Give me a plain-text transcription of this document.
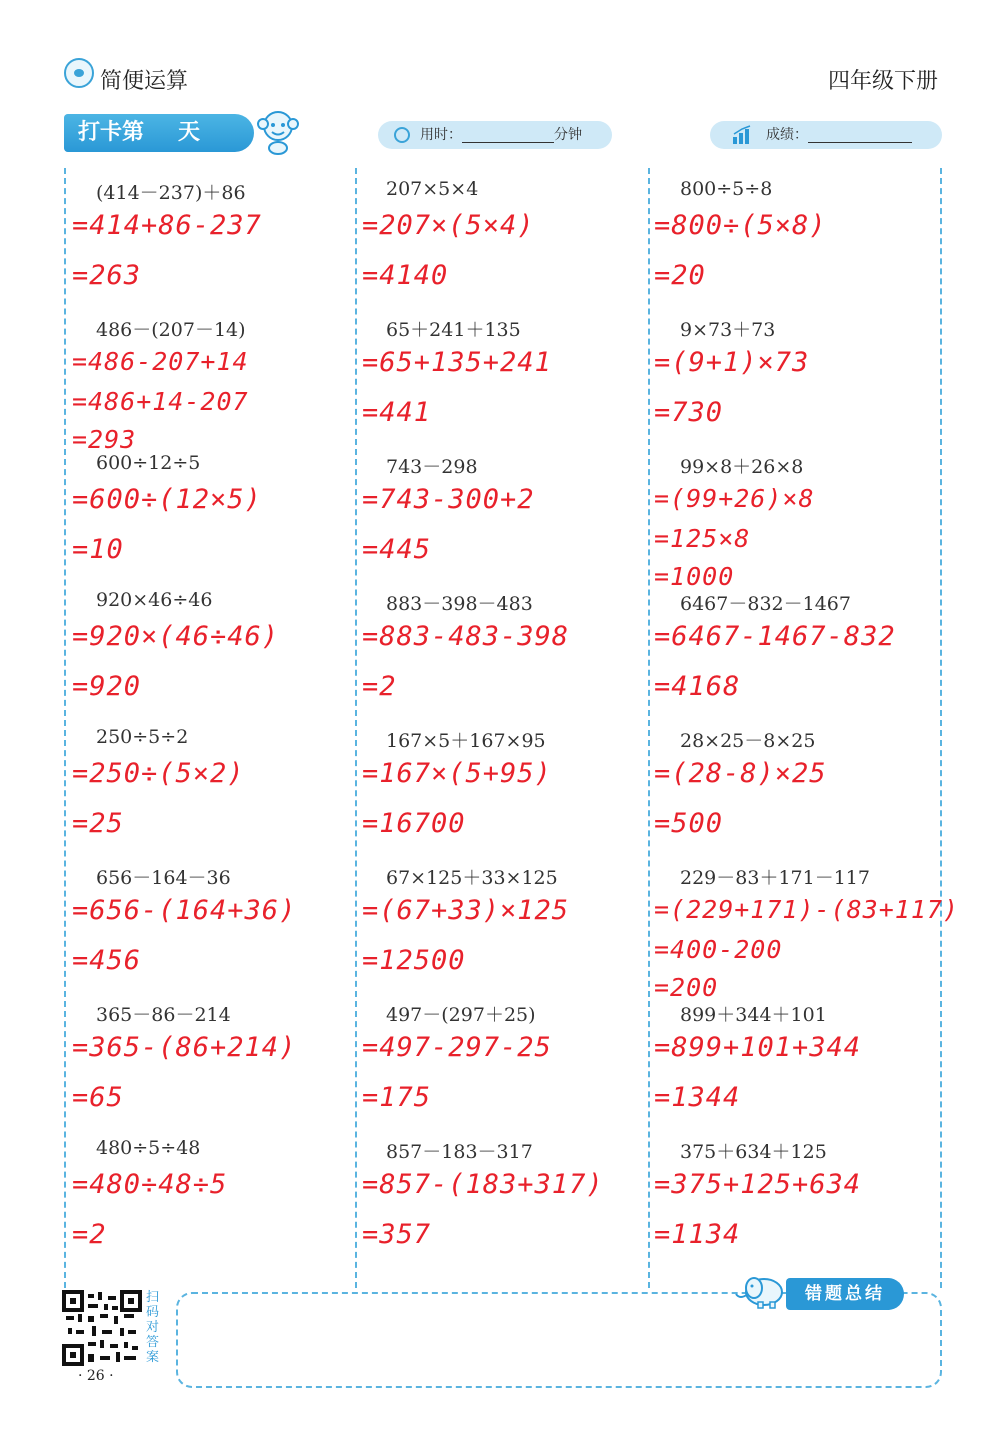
简便运算	四年级下册
打卡第 天	用时：	分钟	成绩：
(414－237)＋86
=414+86-237
=263
486－(207－14)
=486-207+14
=486+14-207
=293
600÷12÷5
=600÷(12×5)
=10
920×46÷46
=920×(46÷46)
=920
250÷5÷2
=250÷(5×2)
=25
656－164－36
=656-(164+36)
=456
365－86－214
=365-(86+214)
=65
480÷5÷48
=480÷48÷5
=2
207×5×4
=207×(5×4)
=4140
65＋241＋135
=65+135+241
=441
743－298
=743-300+2
=445
883－398－483
=883-483-398
=2
167×5＋167×95
=167×(5+95)
=16700
67×125＋33×125
=(67+33)×125
=12500
497－(297＋25)
=497-297-25
=175
857－183－317
=857-(183+317)
=357
800÷5÷8
=800÷(5×8)
=20
9×73＋73
=(9+1)×73
=730
99×8＋26×8
=(99+26)×8
=125×8
=1000
6467－832－1467
=6467-1467-832
=4168
28×25－8×25
=(28-8)×25
=500
229－83＋171－117
=(229+171)-(83+117)
=400-200
=200
899＋344＋101
=899+101+344
=1344
375＋634＋125
=375+125+634
=1134
扫码对答案
· 26 ·
错题总结
